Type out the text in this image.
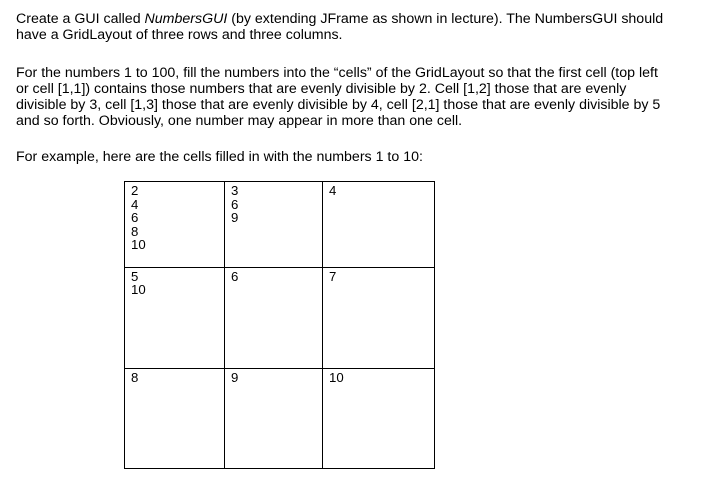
Create a GUI called NumbersGUI (by extending JFrame as shown in lecture). The NumbersGUI should
have a GridLayout of three rows and three columns.

For the numbers 1 to 100, fill the numbers into the “cells” of the GridLayout so that the first cell (top left
or cell [1,1]) contains those numbers that are evenly divisible by 2. Cell [1,2] those that are evenly
divisible by 3, cell [1,3] those that are evenly divisible by 4, cell [2,1] those that are evenly divisible by 5
and so forth. Obviously, one number may appear in more than one cell.

For example, here are the cells filled in with the numbers 1 to 10:

2
4
6
8
10	3
6
9	4

5
10	6	7

8	9	10
